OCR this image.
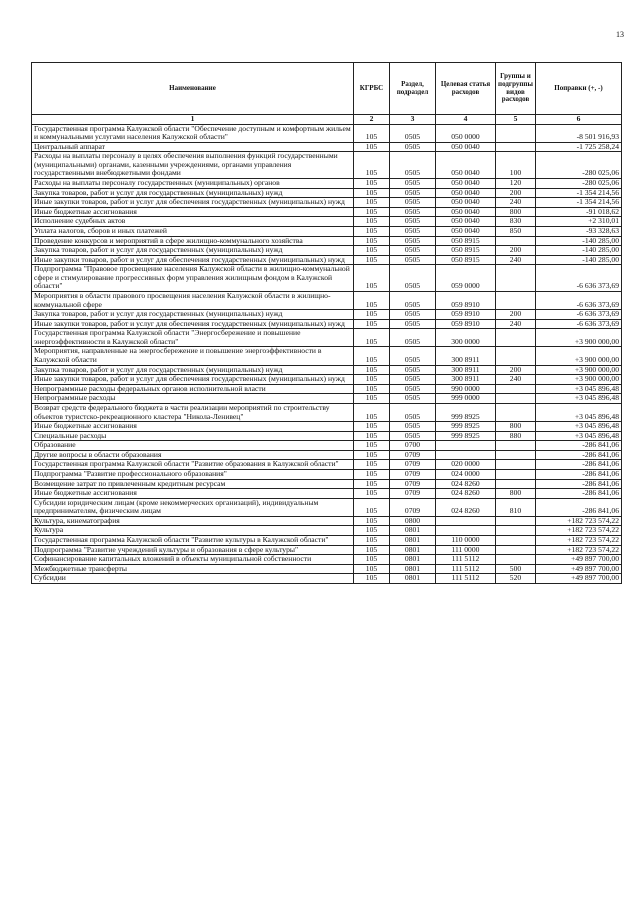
13
Наименование	КГРБС	Раздел, подраздел	Целевая статья расходов	Группы и подгруппы видов расходов	Поправки (+, -)
1	2	3	4	5	6
Государственная программа Калужской области "Обеспечение доступным и комфортным жильем и коммунальными услугами населения Калужской области"	105	0505	050 0000		-8 501 916,93
Центральный аппарат	105	0505	050 0040		-1 725 258,24
Расходы на выплаты персоналу в целях обеспечения выполнения функций государственными (муниципальными) органами, казенными учреждениями, органами управления государственными внебюджетными фондами	105	0505	050 0040	100	-280 025,06
Расходы на выплаты персоналу государственных (муниципальных) органов	105	0505	050 0040	120	-280 025,06
Закупка товаров, работ и услуг для государственных (муниципальных) нужд	105	0505	050 0040	200	-1 354 214,56
Иные закупки товаров, работ и услуг для обеспечения государственных (муниципальных) нужд	105	0505	050 0040	240	-1 354 214,56
Иные бюджетные ассигнования	105	0505	050 0040	800	-91 018,62
Исполнение судебных актов	105	0505	050 0040	830	+2 310,01
Уплата налогов, сборов и иных платежей	105	0505	050 0040	850	-93 328,63
Проведение конкурсов и мероприятий в сфере жилищно-коммунального хозяйства	105	0505	050 8915		-140 285,00
Закупка товаров, работ и услуг для государственных (муниципальных) нужд	105	0505	050 8915	200	-140 285,00
Иные закупки товаров, работ и услуг для обеспечения государственных (муниципальных) нужд	105	0505	050 8915	240	-140 285,00
Подпрограмма "Правовое просвещение населения Калужской области в жилищно-коммунальной сфере и стимулирование прогрессивных форм управления жилищным фондом в Калужской области"	105	0505	059 0000		-6 636 373,69
Мероприятия в области правового просвещения населения Калужской области в жилищно-коммунальной сфере	105	0505	059 8910		-6 636 373,69
Закупка товаров, работ и услуг для государственных (муниципальных) нужд	105	0505	059 8910	200	-6 636 373,69
Иные закупки товаров, работ и услуг для обеспечения государственных (муниципальных) нужд	105	0505	059 8910	240	-6 636 373,69
Государственная программа Калужской области "Энергосбережение и повышение энергоэффективности в Калужской области"	105	0505	300 0000		+3 900 000,00
Мероприятия, направленные на энергосбережение и повышение энергоэффективности в Калужской области	105	0505	300 8911		+3 900 000,00
Закупка товаров, работ и услуг для государственных (муниципальных) нужд	105	0505	300 8911	200	+3 900 000,00
Иные закупки товаров, работ и услуг для обеспечения государственных (муниципальных) нужд	105	0505	300 8911	240	+3 900 000,00
Непрограммные расходы федеральных органов исполнительной власти	105	0505	990 0000		+3 045 896,48
Непрограммные расходы	105	0505	999 0000		+3 045 896,48
Возврат средств федерального бюджета в части реализации мероприятий по строительству объектов туристско-рекреационного кластера "Никола-Ленивец"	105	0505	999 8925		+3 045 896,48
Иные бюджетные ассигнования	105	0505	999 8925	800	+3 045 896,48
Специальные расходы	105	0505	999 8925	880	+3 045 896,48
Образование	105	0700			-286 841,06
Другие вопросы в области образования	105	0709			-286 841,06
Государственная программа Калужской области "Развитие образования в Калужской области"	105	0709	020 0000		-286 841,06
Подпрограмма "Развитие профессионального образования"	105	0709	024 0000		-286 841,06
Возмещение затрат по привлеченным кредитным ресурсам	105	0709	024 8260		-286 841,06
Иные бюджетные ассигнования	105	0709	024 8260	800	-286 841,06
Субсидии юридическим лицам (кроме некоммерческих организаций), индивидуальным предпринимателям, физическим лицам	105	0709	024 8260	810	-286 841,06
Культура, кинематография	105	0800			+182 723 574,22
Культура	105	0801			+182 723 574,22
Государственная программа Калужской области "Развитие культуры в Калужской области"	105	0801	110 0000		+182 723 574,22
Подпрограмма "Развитие учреждений культуры и образования в сфере культуры"	105	0801	111 0000		+182 723 574,22
Софинансирование капитальных вложений в объекты муниципальной собственности	105	0801	111 5112		+49 897 700,00
Межбюджетные трансферты	105	0801	111 5112	500	+49 897 700,00
Субсидии	105	0801	111 5112	520	+49 897 700,00
